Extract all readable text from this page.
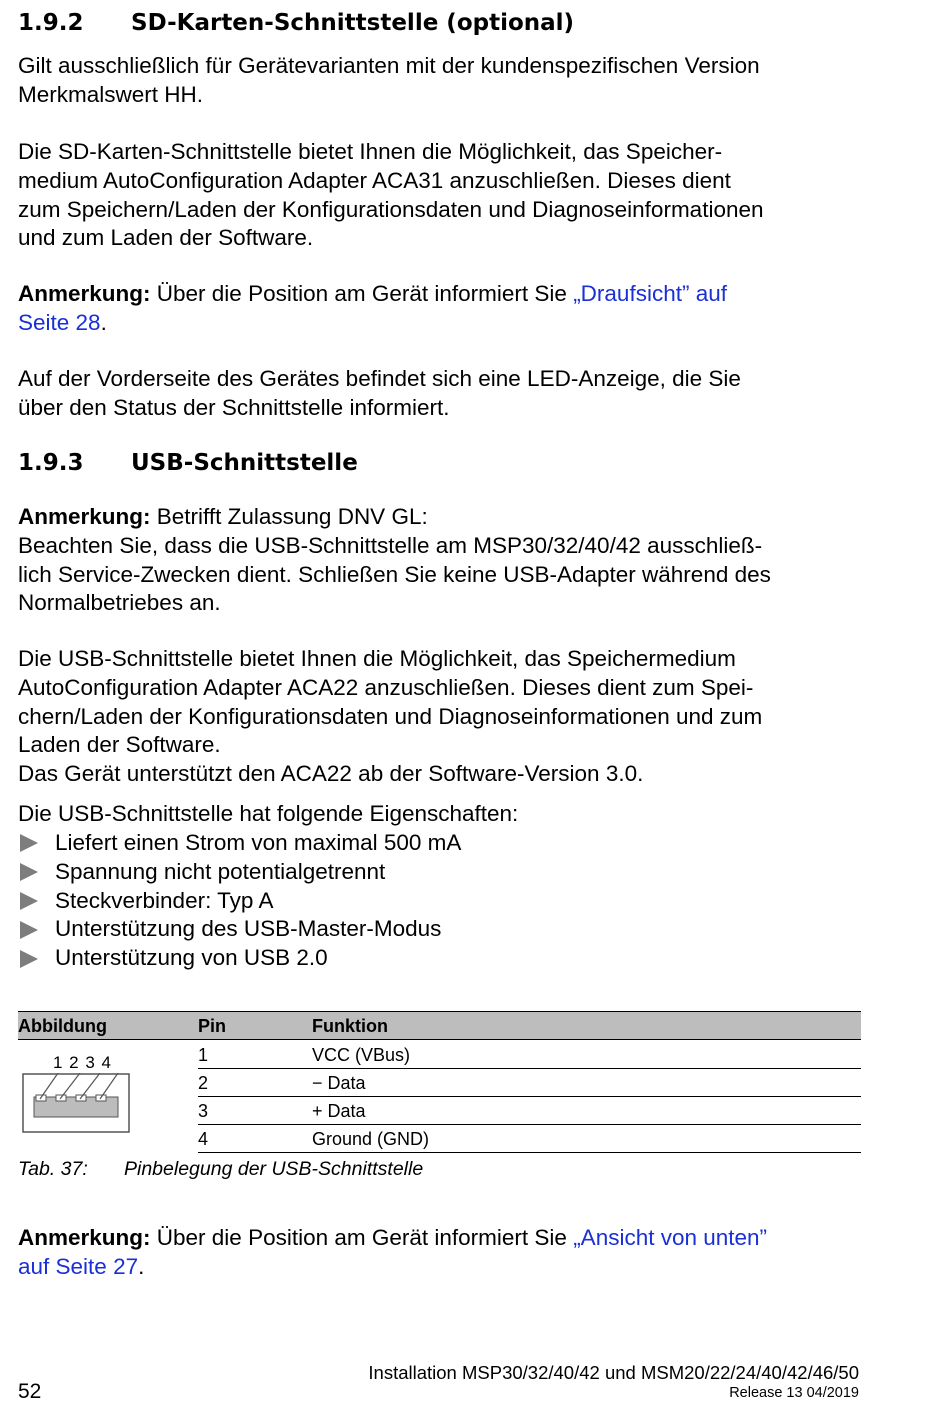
1.9.2 SD-Karten-Schnittstelle (optional)
Gilt ausschließlich für Gerätevarianten mit der kundenspezifischen Version
Merkmalswert HH.
Die SD-Karten-Schnittstelle bietet Ihnen die Möglichkeit, das Speicher-
medium AutoConfiguration Adapter ACA31 anzuschließen. Dieses dient
zum Speichern/Laden der Konfigurationsdaten und Diagnoseinformationen
und zum Laden der Software.
Anmerkung: Über die Position am Gerät informiert Sie „Draufsicht” auf
Seite 28.
Auf der Vorderseite des Gerätes befindet sich eine LED-Anzeige, die Sie
über den Status der Schnittstelle informiert.
1.9.3 USB-Schnittstelle
Anmerkung: Betrifft Zulassung DNV GL:
Beachten Sie, dass die USB-Schnittstelle am MSP30/32/40/42 ausschließ-
lich Service-Zwecken dient. Schließen Sie keine USB-Adapter während des
Normalbetriebes an.
Die USB-Schnittstelle bietet Ihnen die Möglichkeit, das Speichermedium
AutoConfiguration Adapter ACA22 anzuschließen. Dieses dient zum Spei-
chern/Laden der Konfigurationsdaten und Diagnoseinformationen und zum
Laden der Software.
Das Gerät unterstützt den ACA22 ab der Software-Version 3.0.
Die USB-Schnittstelle hat folgende Eigenschaften:
Liefert einen Strom von maximal 500 mA
Spannung nicht potentialgetrennt
Steckverbinder: Typ A
Unterstützung des USB-Master-Modus
Unterstützung von USB 2.0
Abbildung	Pin	Funktion
1 2 3 4	1	VCC (VBus)
2	− Data
3	+ Data
4	Ground (GND)
Tab. 37: Pinbelegung der USB-Schnittstelle
Anmerkung: Über die Position am Gerät informiert Sie „Ansicht von unten”
auf Seite 27.
52
Installation MSP30/32/40/42 und MSM20/22/24/40/42/46/50
Release 13 04/2019
